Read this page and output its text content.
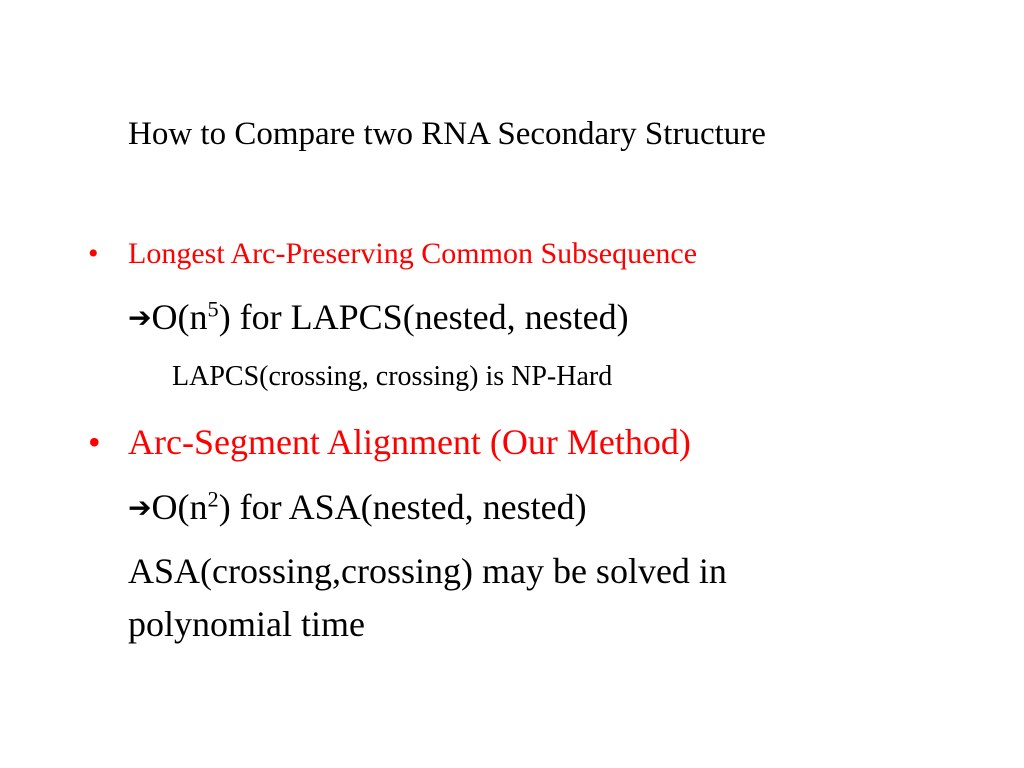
How to Compare two RNA Secondary Structure
• Longest Arc-Preserving Common Subsequence
$➔O(n^5)$ for LAPCS(nested, nested)
LAPCS(crossing, crossing) is NP-Hard
• Arc-Segment Alignment (Our Method)
$➔O(n^2)$ for ASA(nested, nested)
ASA(crossing,crossing) may be solved in
polynomial time
